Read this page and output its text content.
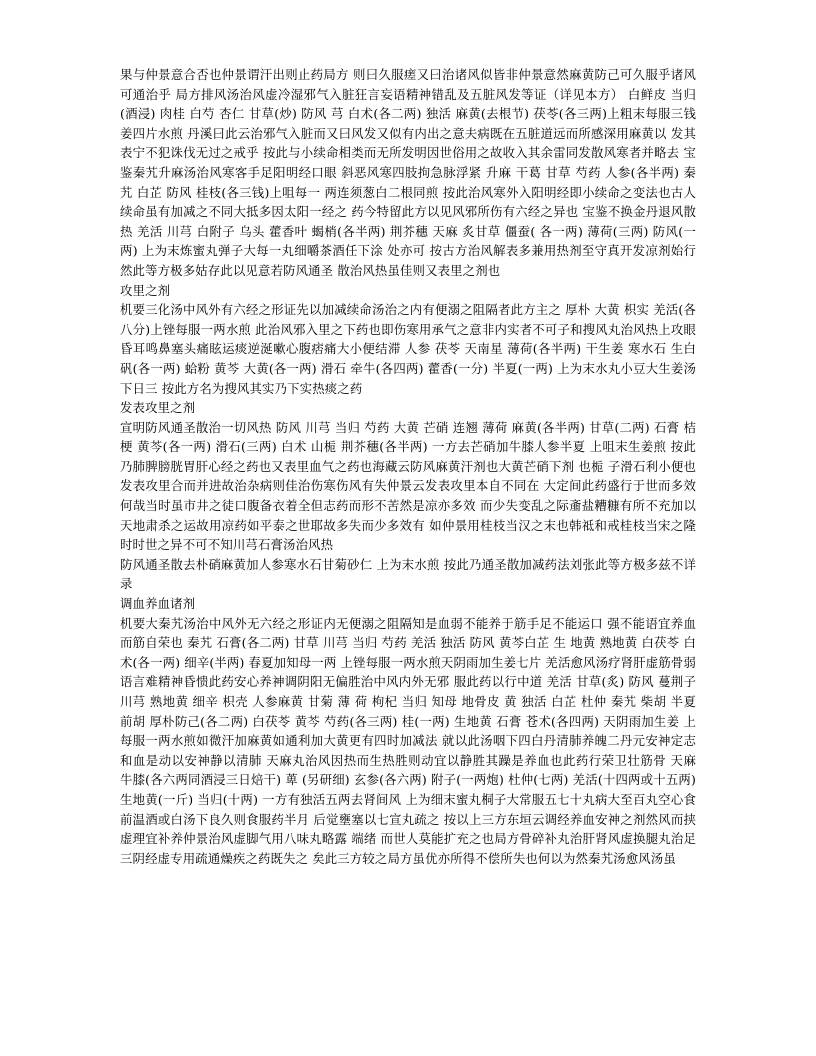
果与仲景意合否也仲景谓汗出则止药局方 则曰久服瘥又曰治诸风似皆非仲景意然麻黄防己可久服乎诸风可通治乎 局方排风汤治风虚冷湿邪气入脏狂言妄语精神错乱及五脏风发等证（详见本方） 白鲜皮 当归(酒浸) 肉桂 白芍 杏仁 甘草(炒) 防风 芎 白术(各二两) 独活 麻黄(去根节) 茯苓(各三两)上粗末每服三钱姜四片水煎 丹溪曰此云治邪气入脏而又曰风发又似有内出之意夫病既在五脏道远而所感深用麻黄以 发其表宁不犯诛伐无过之戒乎 按此与小续命相类而无所发明因世俗用之故收入其余雷同发散风寒者并略去 宝鉴秦艽升麻汤治风寒客手足阳明经口眼 斜恶风寒四肢拘急脉浮紧 升麻 干葛 甘草 芍药 人参(各半两) 秦艽 白芷 防风 桂枝(各三钱)上咀每一 两连须葱白二根同煎 按此治风寒外入阳明经即小续命之变法也古人续命虽有加减之不同大抵多因太阳一经之 药今特留此方以见风邪所伤有六经之异也 宝鉴不换金丹退风散热 羌活 川芎 白附子 乌头 藿香叶 蝎梢(各半两) 荆芥穗 天麻 炙甘草 僵蚕( 各一两) 薄荷(三两) 防风(一两) 上为末炼蜜丸弹子大每一丸细嚼茶酒任下涂 处亦可 按古方治风解表多兼用热剂至守真开发凉剂始行然此等方极多姑存此以见意若防风通圣 散治风热虽佳则又表里之剂也

攻里之剂

机要三化汤中风外有六经之形证先以加减续命汤治之内有便溺之阻隔者此方主之 厚朴 大黄 枳实 羌活(各八分)上锉每服一两水煎 此治风邪入里之下药也即伤寒用承气之意非内实者不可子和搜风丸治风热上攻眼昏耳鸣鼻塞头痛眩运痰逆涎嗽心腹痞痛大小便结滞 人参 茯苓 天南星 薄荷(各半两) 干生姜 寒水石 生白矾(各一两) 蛤粉 黄芩 大黄(各一两) 滑石 牵牛(各四两) 藿香(一分) 半夏(一两) 上为末水丸小豆大生姜汤下日三 按此方名为搜风其实乃下实热痰之药

发表攻里之剂

宣明防风通圣散治一切风热 防风 川芎 当归 芍药 大黄 芒硝 连翘 薄荷 麻黄(各半两) 甘草(二两) 石膏 桔梗 黄芩(各一两) 滑石(三两) 白术 山栀 荆芥穗(各半两) 一方去芒硝加牛膝人参半夏 上咀末生姜煎 按此乃肺脾膀胱胃肝心经之药也又表里血气之药也海藏云防风麻黄汗剂也大黄芒硝下剂 也栀 子滑石利小便也发表攻里合而并进故治杂病则佳治伤寒伤风有失仲景云发表攻里本自不同在 大定间此药盛行于世而多效何哉当时虽市井之徒口腹备衣着全但志药而形不苦然是凉亦多效 而少失变乱之际齑盐糟糠有所不充加以天地肃杀之运故用凉药如平泰之世耶故多失而少多效有 如仲景用桂枝当汉之末也韩祗和戒桂枝当宋之隆时时世之异不可不知川芎石膏汤治风热

防风通圣散去朴硝麻黄加人参寒水石甘菊砂仁 上为末水煎 按此乃通圣散加减药法刘张此等方极多兹不详录

调血养血诸剂

机要大秦艽汤治中风外无六经之形证内无便溺之阻隔知是血弱不能养于筋手足不能运口 强不能语宜养血而筋自荣也 秦艽 石膏(各二两) 甘草 川芎 当归 芍药 羌活 独活 防风 黄芩白芷 生 地黄 熟地黄 白茯苓 白术(各一两) 细辛(半两) 春夏加知母一两 上锉每服一两水煎天阴雨加生姜七片 羌活愈风汤疗肾肝虚筋骨弱语言难精神昏愦此药安心养神调阴阳无偏胜治中风内外无邪 服此药以行中道 羌活 甘草(炙) 防风 蔓荆子 川芎 熟地黄 细辛 枳壳 人参麻黄 甘菊 薄 荷 枸杞 当归 知母 地骨皮 黄 独活 白芷 杜仲 秦艽 柴胡 半夏 前胡 厚朴防己(各二两) 白茯苓 黄芩 芍药(各三两) 桂(一两) 生地黄 石膏 苍术(各四两) 天阴雨加生姜 上每服一两水煎如微汗加麻黄如通利加大黄更有四时加减法 就以此汤咽下四白丹清肺养魄二丹元安神定志和血是动以安神静以清肺 天麻丸治风因热而生热胜则动宜以静胜其躁是养血也此药行荣卫壮筋骨 天麻 牛膝(各六两同酒浸三日焙干) 萆 (另研细) 玄参(各六两) 附子(一两炮) 杜仲(七两) 羌活(十四两或十五两) 生地黄(一斤) 当归(十两) 一方有独活五两去肾间风 上为细末蜜丸桐子大常服五七十丸病大至百丸空心食前温酒或白汤下良久则食服药半月 后觉壅塞以七宣丸疏之 按以上三方东垣云调经养血安神之剂然风而挟虚理宜补养仲景治风虚脚气用八味丸略露 端绪 而世人莫能扩充之也局方骨碎补丸治肝肾风虚换腿丸治足三阴经虚专用疏通燥疾之药既失之 矣此三方较之局方虽优亦所得不偿所失也何以为然秦艽汤愈风汤虽
